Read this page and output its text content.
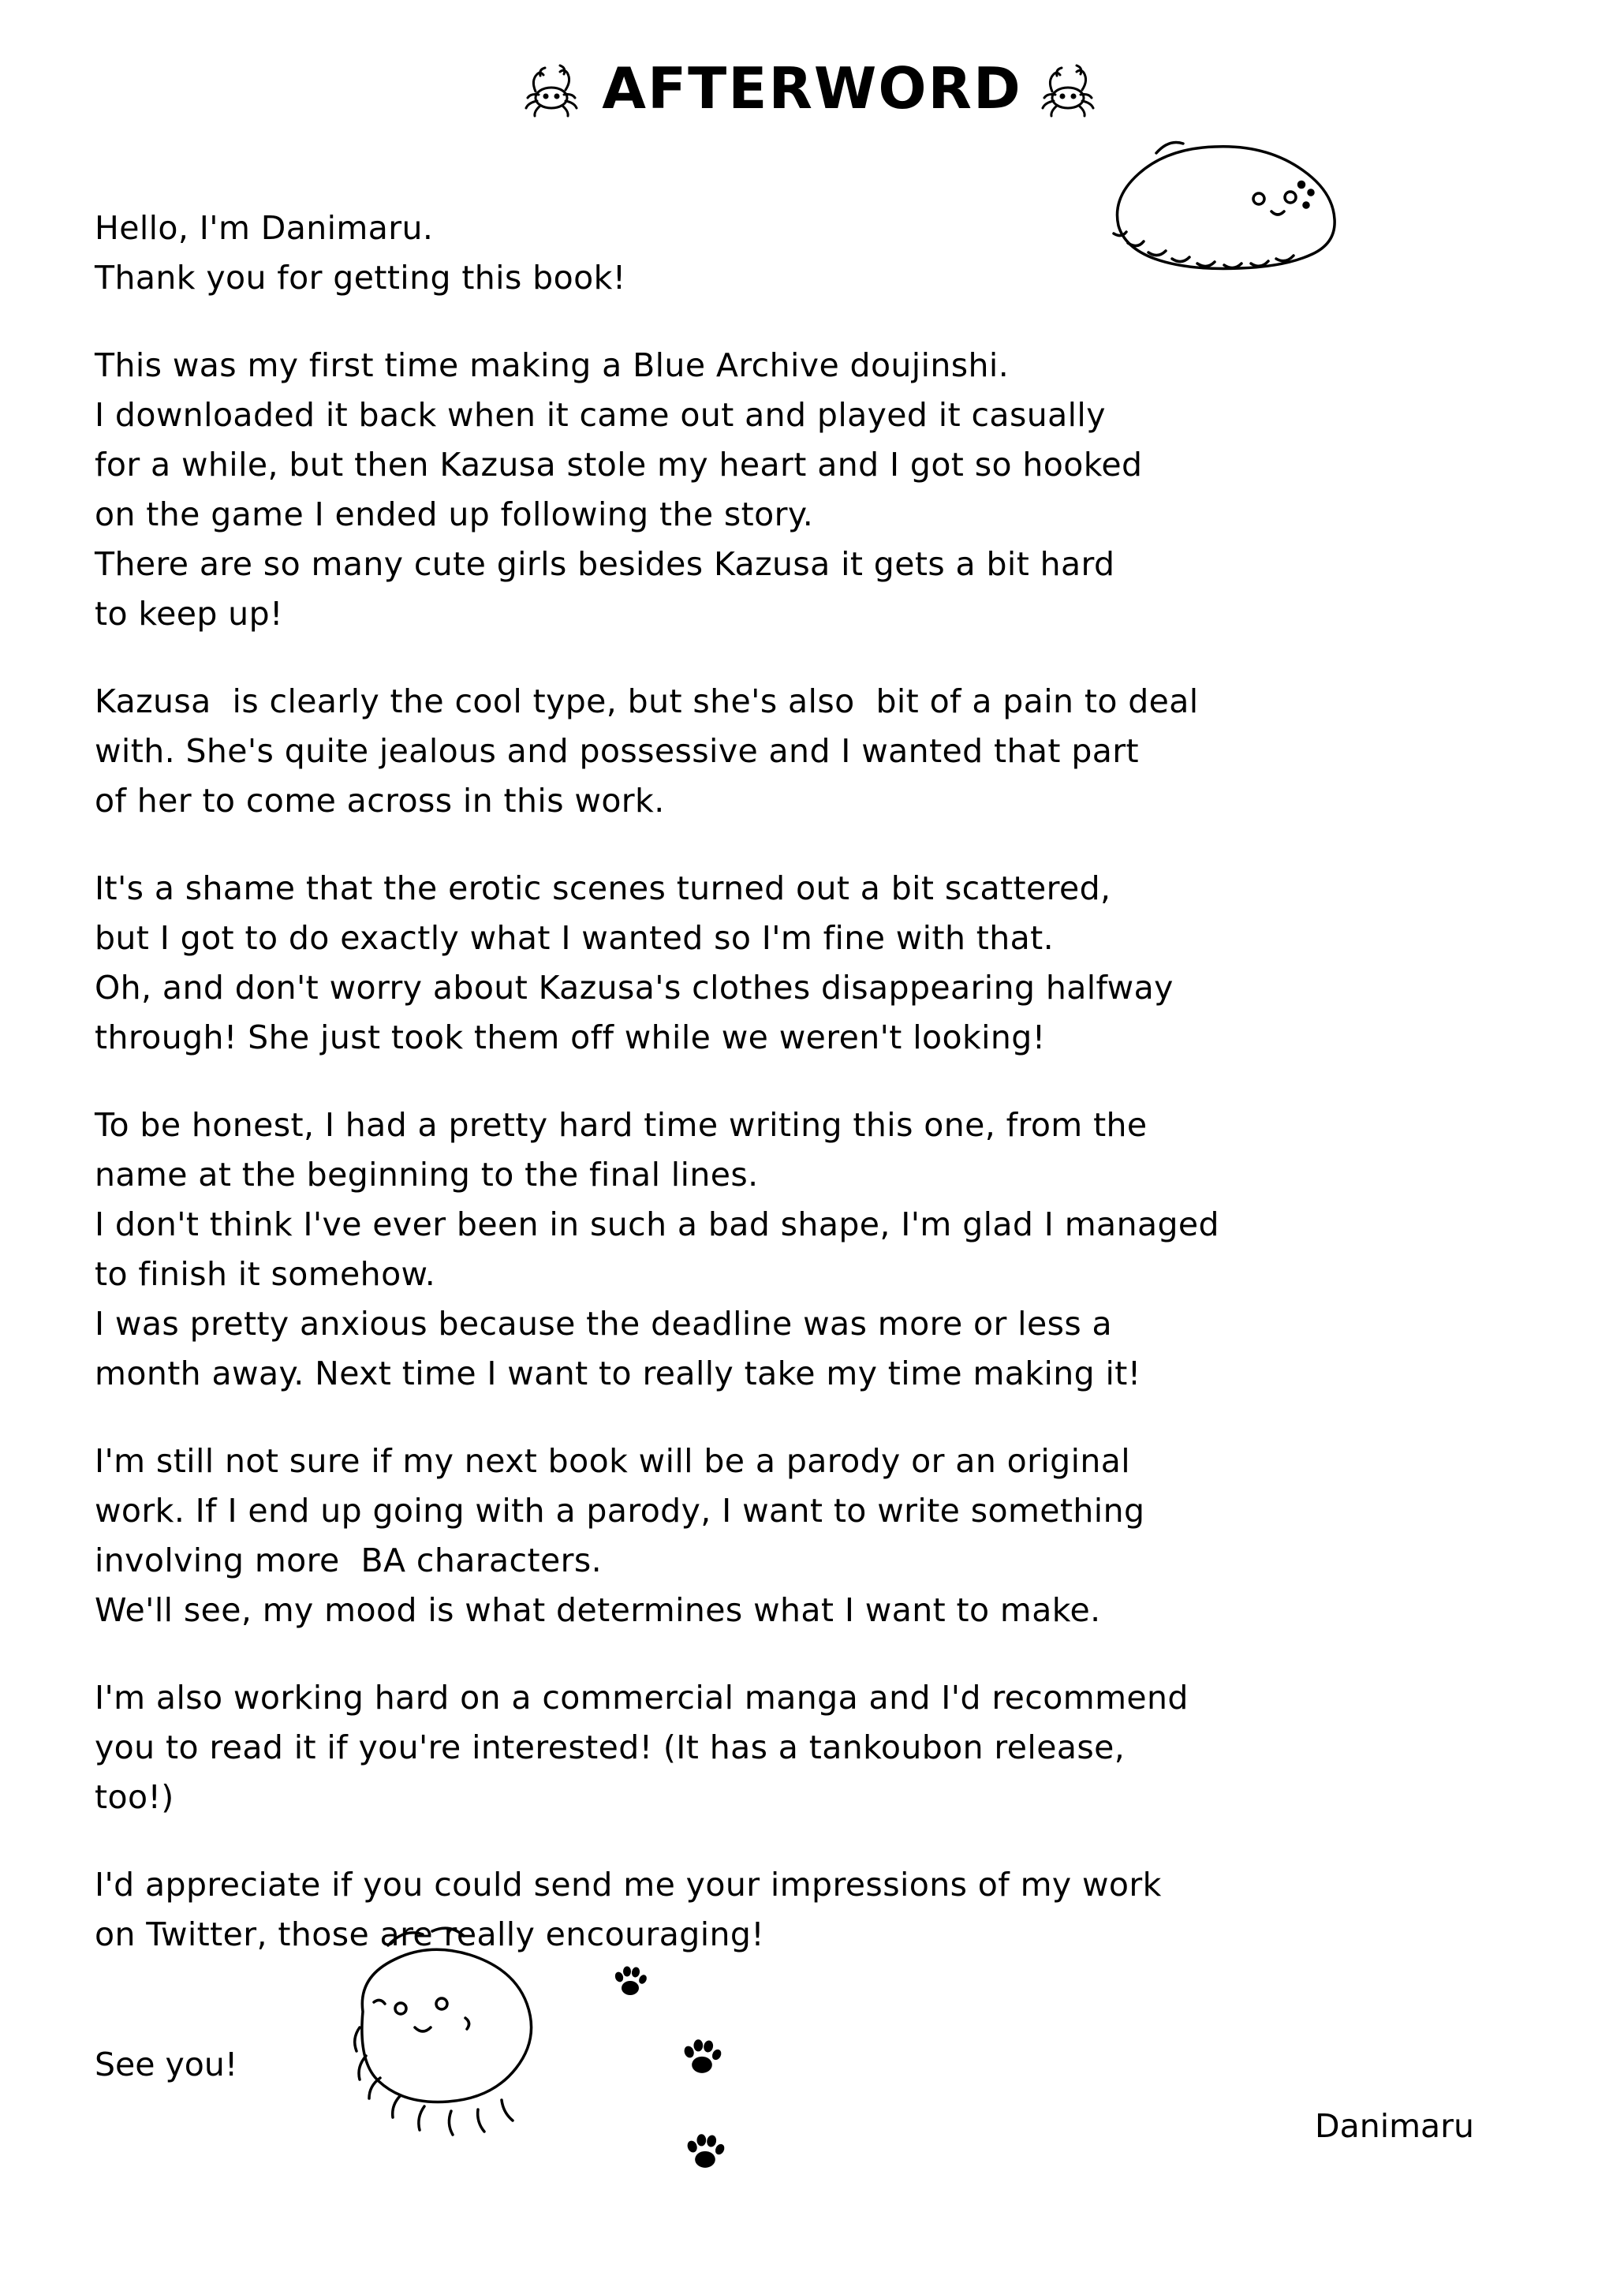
AFTERWORD
Hello, I'm Danimaru.
Thank you for getting this book!
This was my first time making a Blue Archive doujinshi.
I downloaded it back when it came out and played it casually
for a while, but then Kazusa stole my heart and I got so hooked
on the game I ended up following the story.
There are so many cute girls besides Kazusa it gets a bit hard
to keep up!
Kazusa  is clearly the cool type, but she's also  bit of a pain to deal
with. She's quite jealous and possessive and I wanted that part
of her to come across in this work.
It's a shame that the erotic scenes turned out a bit scattered,
but I got to do exactly what I wanted so I'm fine with that.
Oh, and don't worry about Kazusa's clothes disappearing halfway
through! She just took them off while we weren't looking!
To be honest, I had a pretty hard time writing this one, from the
name at the beginning to the final lines.
I don't think I've ever been in such a bad shape, I'm glad I managed
to finish it somehow.
I was pretty anxious because the deadline was more or less a
month away. Next time I want to really take my time making it!
I'm still not sure if my next book will be a parody or an original
work. If I end up going with a parody, I want to write something
involving more  BA characters.
We'll see, my mood is what determines what I want to make.
I'm also working hard on a commercial manga and I'd recommend
you to read it if you're interested! (It has a tankoubon release,
too!)
I'd appreciate if you could send me your impressions of my work
on Twitter, those are really encouraging!
See you!
Danimaru
